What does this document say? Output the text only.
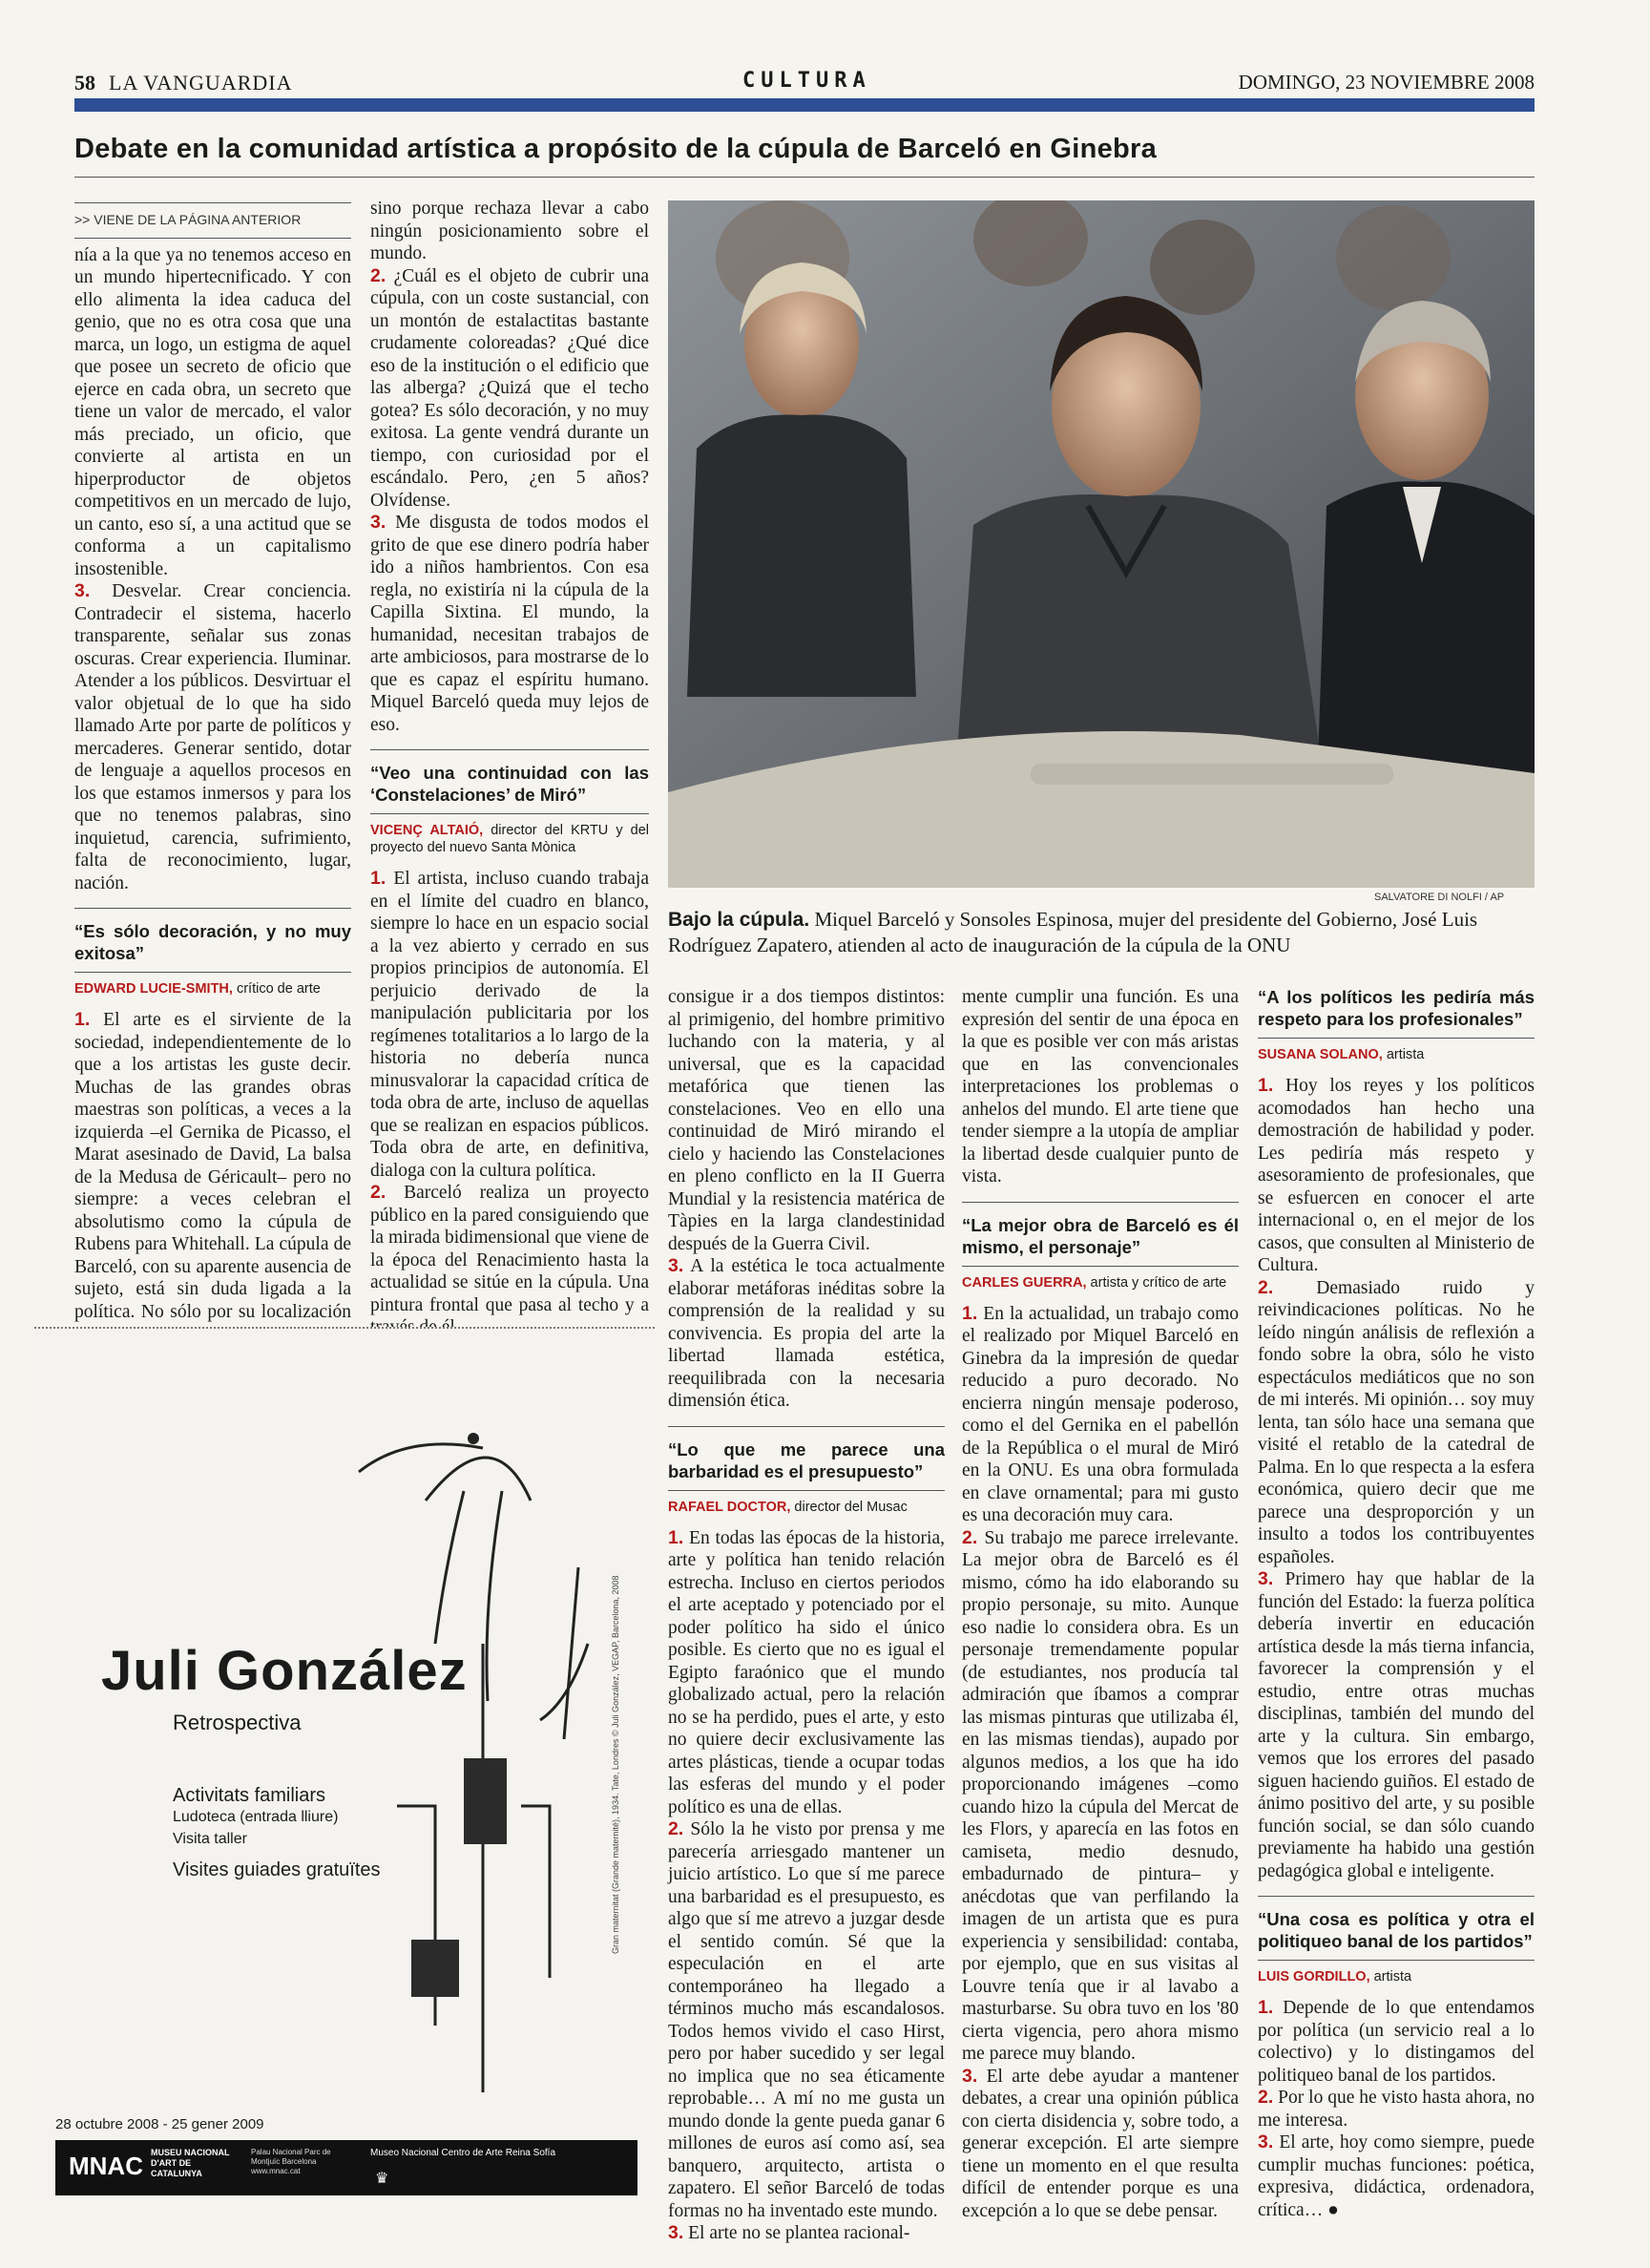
58 LA VANGUARDIA	CULTURA	DOMINGO, 23 NOVIEMBRE 2008
Debate en la comunidad artística a propósito de la cúpula de Barceló en Ginebra
>> VIENE DE LA PÁGINA ANTERIOR

nía a la que ya no tenemos acceso en un mundo hipertecnificado. Y con ello alimenta la idea caduca del genio, que no es otra cosa que una marca, un logo, un estigma de aquel que posee un secreto de oficio que ejerce en cada obra, un secreto que tiene un valor de mercado, el valor más preciado, un oficio, que convierte al artista en un hiperproductor de objetos competitivos en un mercado de lujo, un canto, eso sí, a una actitud que se conforma a un capitalismo insostenible.

3. Desvelar. Crear conciencia. Contradecir el sistema, hacerlo transparente, señalar sus zonas oscuras. Crear experiencia. Iluminar. Atender a los públicos. Desvirtuar el valor objetual de lo que ha sido llamado Arte por parte de políticos y mercaderes. Generar sentido, dotar de lenguaje a aquellos procesos en los que estamos inmersos y para los que no tenemos palabras, sino inquietud, carencia, sufrimiento, falta de reconocimiento, lugar, nación.

“Es sólo decoración, y no muy exitosa”
EDWARD LUCIE-SMITH, crítico de arte

1. El arte es el sirviente de la sociedad, independientemente de lo que a los artistas les guste decir. Muchas de las grandes obras maestras son políticas, a veces a la izquierda –el Gernika de Picasso, el Marat asesinado de David, La balsa de la Medusa de Géricault– pero no siempre: a veces celebran el absolutismo como la cúpula de Rubens para Whitehall. La cúpula de Barceló, con su aparente ausencia de sujeto, está sin duda ligada a la política. No sólo por su localización

sino porque rechaza llevar a cabo ningún posicionamiento sobre el mundo.

2. ¿Cuál es el objeto de cubrir una cúpula, con un coste sustancial, con un montón de estalactitas bastante crudamente coloreadas? ¿Qué dice eso de la institución o el edificio que las alberga? ¿Quizá que el techo gotea? Es sólo decoración, y no muy exitosa. La gente vendrá durante un tiempo, con curiosidad por el escándalo. Pero, ¿en 5 años? Olvídense.

3. Me disgusta de todos modos el grito de que ese dinero podría haber ido a niños hambrientos. Con esa regla, no existiría ni la cúpula de la Capilla Sixtina. El mundo, la humanidad, necesitan trabajos de arte ambiciosos, para mostrarse de lo que es capaz el espíritu humano. Miquel Barceló queda muy lejos de eso.

“Veo una continuidad con las ‘Constelaciones’ de Miró”
VICENÇ ALTAIÓ, director del KRTU y del proyecto del nuevo Santa Mònica

1. El artista, incluso cuando trabaja en el límite del cuadro en blanco, siempre lo hace en un espacio social a la vez abierto y cerrado en sus propios principios de autonomía. El perjuicio derivado de la manipulación publicitaria por los regímenes totalitarios a lo largo de la historia no debería nunca minusvalorar la capacidad crítica de toda obra de arte, incluso de aquellas que se realizan en espacios públicos. Toda obra de arte, en definitiva, dialoga con la cultura política.

2. Barceló realiza un proyecto público en la pared consiguiendo que la mirada bidimensional que viene de la época del Renacimiento hasta la actualidad se sitúe en la cúpula. Una pintura frontal que pasa al techo y a

SALVATORE DI NOLFI / AP
Bajo la cúpula. Miquel Barceló y Sonsoles Espinosa, mujer del presidente del Gobierno, José Luis Rodríguez Zapatero, atienden al acto de inauguración de la cúpula de la ONU

consigue ir a dos tiempos distintos: al primigenio, del hombre primitivo luchando con la materia, y al universal, que es la capacidad metafórica que tienen las constelaciones. Veo en ello una continuidad de Miró mirando el cielo y haciendo las Constelaciones en pleno conflicto en la II Guerra Mundial y la resistencia matérica de Tàpies en la larga clandestinidad después de la Guerra Civil.

3. A la estética le toca actualmente elaborar metáforas inéditas sobre la comprensión de la realidad y su convivencia. Es propia del arte la libertad llamada estética, reequilibrada con la necesaria dimensión ética.

“Lo que me parece una barbaridad es el presupuesto”
RAFAEL DOCTOR, director del Musac

1. En todas las épocas de la historia, arte y política han tenido relación estrecha. Incluso en ciertos periodos el arte aceptado y potenciado por el poder político ha sido el único posible. Es cierto que no es igual el Egipto faraónico que el mundo globalizado actual, pero la relación no se ha perdido, pues el arte, y esto no quiere decir exclusivamente las artes plásticas, tiende a ocupar todas las esferas del mundo y el poder político es una de ellas.

2. Sólo la he visto por prensa y me parecería arriesgado mantener un juicio artístico. Lo que sí me parece una barbaridad es el presupuesto, es algo que sí me atrevo a juzgar desde el sentido común. Sé que la especulación en el arte contemporáneo ha llegado a términos mucho más escandalosos. Todos hemos vivido el caso Hirst, pero por haber sucedido y ser legal no implica que no sea éticamente reprobable… A mí no me gusta un mundo donde la gente pueda ganar 6 millones de euros así como así, sea banquero, arquitecto, artista o zapatero. El señor Barceló de todas formas no ha inventado este mundo.

3. El arte no se plantea racional-

mente cumplir una función. Es una expresión del sentir de una época en la que es posible ver con más aristas que en las convencionales interpretaciones los problemas o anhelos del mundo. El arte tiene que tender siempre a la utopía de ampliar la libertad desde cualquier punto de vista.

“La mejor obra de Barceló es él mismo, el personaje”
CARLES GUERRA, artista y crítico de arte

1. En la actualidad, un trabajo como el realizado por Miquel Barceló en Ginebra da la impresión de quedar reducido a puro decorado. No encierra ningún mensaje poderoso, como el del Gernika en el pabellón de la República o el mural de Miró en la ONU. Es una obra formulada en clave ornamental; para mi gusto es una decoración muy cara.

2. Su trabajo me parece irrelevante. La mejor obra de Barceló es él mismo, cómo ha ido elaborando su propio personaje, su mito. Aunque eso nadie lo considera obra. Es un personaje tremendamente popular (de estudiantes, nos producía tal admiración que íbamos a comprar las mismas pinturas que utilizaba él, en las mismas tiendas), aupado por algunos medios, a los que ha ido proporcionando imágenes –como cuando hizo la cúpula del Mercat de les Flors, y aparecía en las fotos en camiseta, medio desnudo, embadurnado de pintura– y anécdotas que van perfilando la imagen de un artista que es pura experiencia y sensibilidad: contaba, por ejemplo, que en sus visitas al Louvre tenía que ir al lavabo a masturbarse. Su obra tuvo en los '80 cierta vigencia, pero ahora mismo me parece muy blando.

3. El arte debe ayudar a mantener debates, a crear una opinión pública con cierta disidencia y, sobre todo, a generar excepción. El arte siempre tiene un momento en el que resulta difícil de entender porque es una excepción a lo que se debe pensar.

“A los políticos les pediría más respeto para los profesionales”
SUSANA SOLANO, artista

1. Hoy los reyes y los políticos acomodados han hecho una demostración de habilidad y poder. Les pediría más respeto y asesoramiento de profesionales, que se esfuercen en conocer el arte internacional o, en el mejor de los casos, que consulten al Ministerio de Cultura.

2. Demasiado ruido y reivindicaciones políticas. No he leído ningún análisis de reflexión a fondo sobre la obra, sólo he visto espectáculos mediáticos que no son de mi interés. Mi opinión… soy muy lenta, tan sólo hace una semana que visité el retablo de la catedral de Palma. En lo que respecta a la esfera económica, quiero decir que me parece una desproporción y un insulto a todos los contribuyentes españoles.

3. Primero hay que hablar de la función del Estado: la fuerza política debería invertir en educación artística desde la más tierna infancia, favorecer la comprensión y el estudio, entre otras muchas disciplinas, también del mundo del arte y la cultura. Sin embargo, vemos que los errores del pasado siguen haciendo guiños. El estado de ánimo positivo del arte, y su posible función social, se dan sólo cuando previamente ha habido una gestión pedagógica global e inteligente.

“Una cosa es política y otra el politiqueo banal de los partidos”
LUIS GORDILLO, artista

1. Depende de lo que entendamos por política (un servicio real a lo colectivo) y lo distingamos del politiqueo banal de los partidos.

2. Por lo que he visto hasta ahora, no me interesa.

3. El arte, hoy como siempre, puede cumplir muchas funciones: poética, expresiva, didáctica, ordenadora, crítica… ●

Juli González
Retrospectiva
Activitats familiars
Ludoteca (entrada lliure)
Visita taller
Visites guiades gratuïtes	Gran maternitat (Grande maternité), 1934. Tate, Londres © Juli González, VEGAP, Barcelona, 2008
28 octubre 2008 - 25 gener 2009
MNAC MUSEU NACIONAL D'ART DE CATALUNYA
Palau Nacional Parc de Montjuïc Barcelona www.mnac.cat
Museo Nacional Centro de Arte Reina Sofía
♛
